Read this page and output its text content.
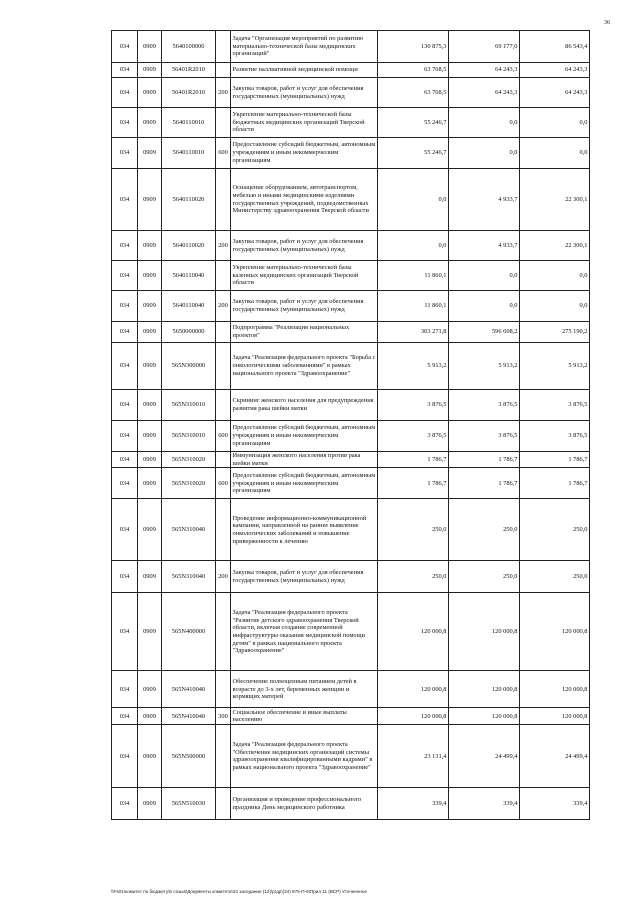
36
034	0909	5640100000		Задача "Организация мероприятий по развитию материально-технической базы медицинских организаций"	130 875,3	69 177,0	86 543,4
034	0909	56401R2010		Развитие паллиативной медицинской помощи	63 768,5	64 243,3	64 243,3
034	0909	56401R2010	200	Закупка товаров, работ и услуг для обеспечения государственных (муниципальных) нужд	63 768,5	64 243,3	64 243,3
034	0909	5640110010		Укрепление материально-технической базы бюджетных медицинских организаций Тверской области	55 246,7	0,0	0,0
034	0909	5640110010	600	Предоставление субсидий бюджетным, автономным учреждениям и иным некоммерческим организациям	55 246,7	0,0	0,0
034	0909	5640110020		Оснащение оборудованием, автотранспортом, мебелью и иными медицинскими изделиями государственных учреждений, подведомственных Министерству здравоохранения Тверской области	0,0	4 933,7	22 300,1
034	0909	5640110020	200	Закупка товаров, работ и услуг для обеспечения государственных (муниципальных) нужд	0,0	4 933,7	22 300,1
034	0909	5640110040		Укрепление материально-технической базы казенных медицинских организаций Тверской области	11 860,1	0,0	0,0
034	0909	5640110040	200	Закупка товаров, работ и услуг для обеспечения государственных (муниципальных) нужд	11 860,1	0,0	0,0
034	0909	5650000000		Подпрограмма "Реализация национальных проектов"	303 271,8	596 608,2	275 190,2
034	0909	565N300000		Задача "Реализация федерального проекта "Борьба с онкологическими заболеваниями" в рамках национального проекта "Здравоохранение"	5 913,2	5 913,2	5 913,2
034	0909	565N310010		Скрининг женского населения для предупреждения развития рака шейки матки	3 876,5	3 876,5	3 876,5
034	0909	565N310010	600	Предоставление субсидий бюджетным, автономным учреждениям и иным некоммерческим организациям	3 876,5	3 876,5	3 876,5
034	0909	565N310020		Иммунизация женского населения против рака шейки матки	1 786,7	1 786,7	1 786,7
034	0909	565N310020	600	Предоставление субсидий бюджетным, автономным учреждениям и иным некоммерческим организациям	1 786,7	1 786,7	1 786,7
034	0909	565N310040		Проведение информационно-коммуникационной кампании, направленной на раннее выявление онкологических заболеваний и повышение приверженности к лечению	250,0	250,0	250,0
034	0909	565N310040	200	Закупка товаров, работ и услуг для обеспечения государственных (муниципальных) нужд	250,0	250,0	250,0
034	0909	565N400000		Задача "Реализация федерального проекта "Развитие детского здравоохранения Тверской области, включая создание современной инфраструктуры оказания медицинской помощи детям" в рамках национального проекта "Здравоохранение"	120 000,8	120 000,8	120 000,8
034	0909	565N410040		Обеспечение полноценным питанием детей в возрасте до 3-х лет, беременных женщин и кормящих матерей	120 000,8	120 000,8	120 000,8
034	0909	565N410040	300	Социальное обеспечение и иные выплаты населению	120 000,8	120 000,8	120 000,8
034	0909	565N500000		Задача "Реализация федерального проекта "Обеспечение медицинских организаций системы здравоохранения квалифицированными кадрами" в рамках национального проекта "Здравоохранение"	23 131,4	24 499,4	24 499,4
034	0909	565N510030		Организация и проведение профессионального праздника День медицинского работника	339,4	339,4	339,4
\\Fs01\комитет по бюджету\6 созыв\Документы комитета\34 заседание (12)\р\др\(34) 875-П-6\Прил 11 (ВСР) Уточненное
